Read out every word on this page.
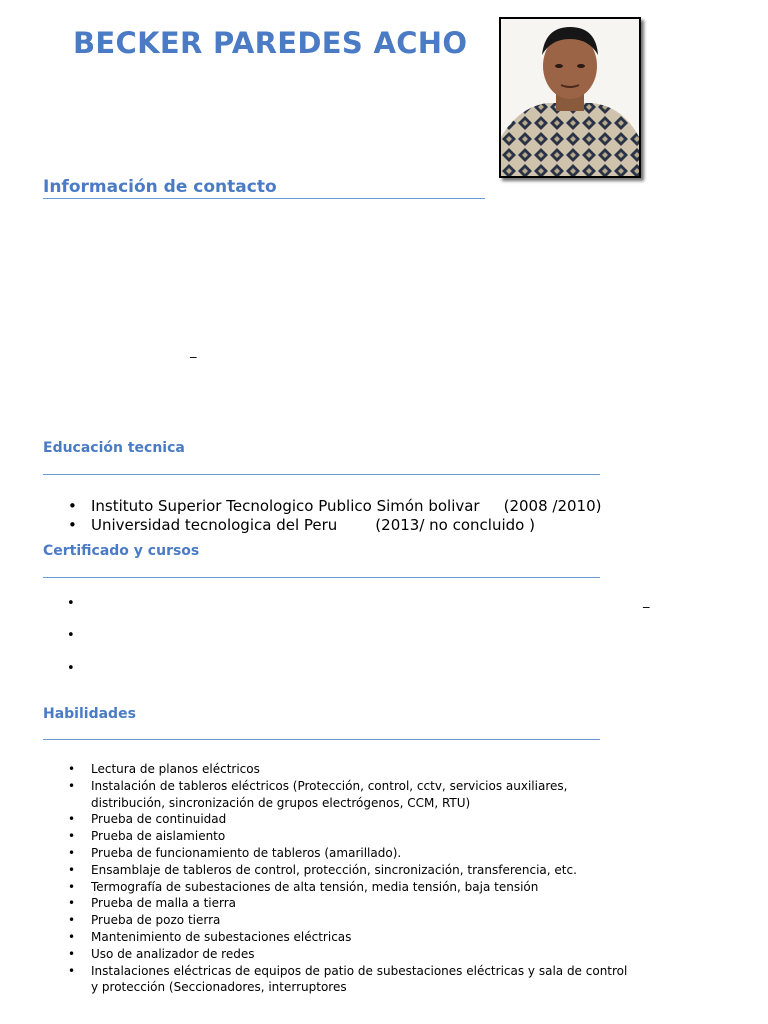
BECKER PAREDES ACHO
Información de contacto
_
Educación tecnica
• Instituto Superior Tecnologico Publico Simón bolivar (2008 /2010)
• Universidad tecnologica del Peru	(2013/ no concluido )
Certificado y cursos
•	_
•
•
Habilidades
• Lectura de planos eléctricos
• Instalación de tableros eléctricos (Protección, control, cctv, servicios auxiliares, distribución, sincronización de grupos electrógenos, CCM, RTU)
• Prueba de continuidad
• Prueba de aislamiento
• Prueba de funcionamiento de tableros (amarillado).
• Ensamblaje de tableros de control, protección, sincronización, transferencia, etc.
• Termografía de subestaciones de alta tensión, media tensión, baja tensión
• Prueba de malla a tierra
• Prueba de pozo tierra
• Mantenimiento de subestaciones eléctricas
• Uso de analizador de redes
• Instalaciones eléctricas de equipos de patio de subestaciones eléctricas y sala de control y protección (Seccionadores, interruptores
